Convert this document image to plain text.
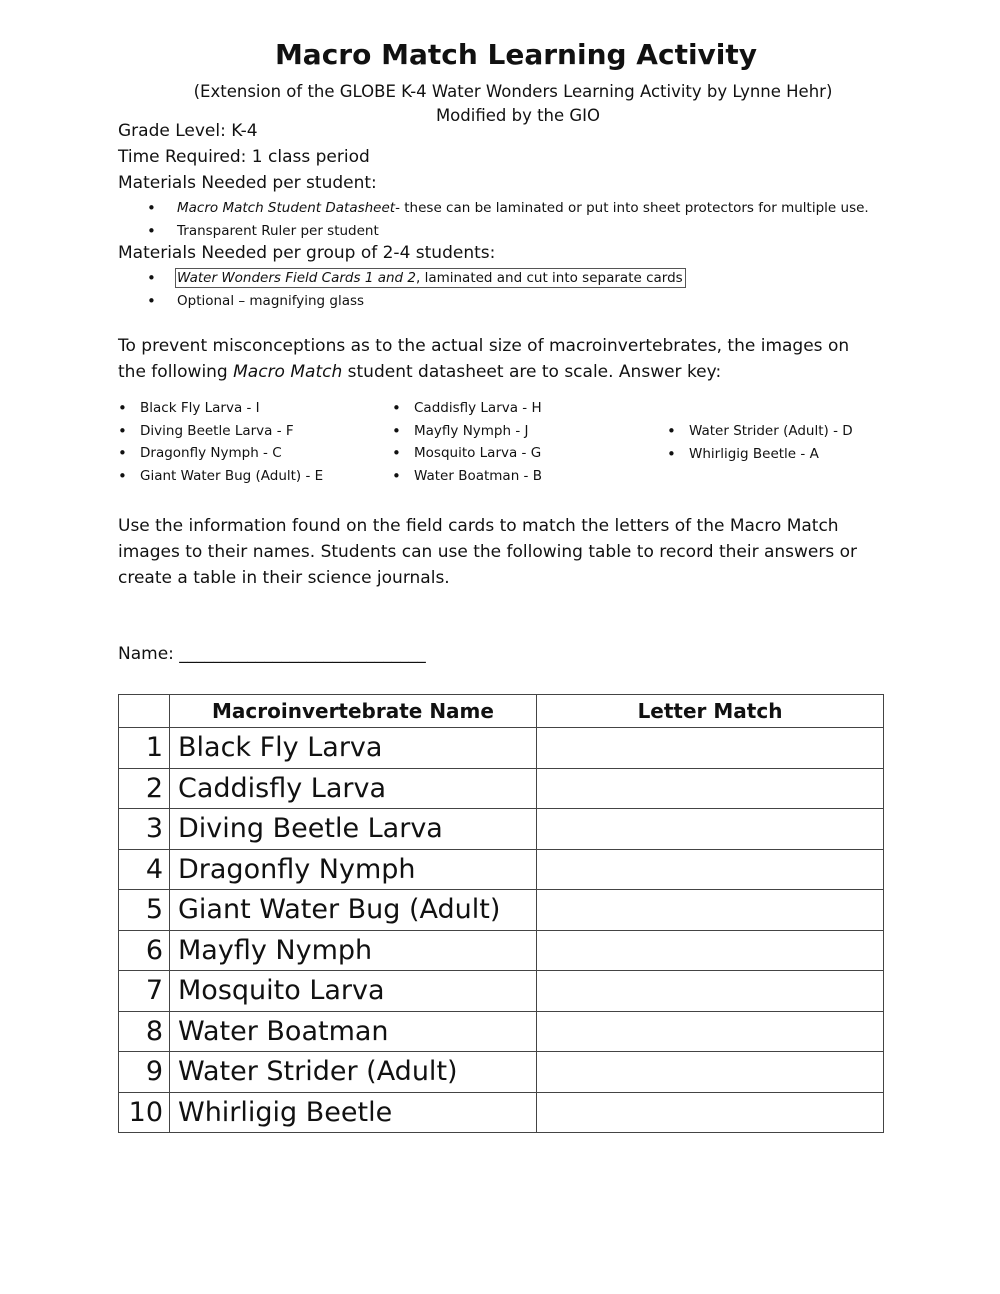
Macro Match Learning Activity
(Extension of the GLOBE K-4 Water Wonders Learning Activity by Lynne Hehr)
Modified by the GIO
Grade Level: K-4
Time Required: 1 class period
Materials Needed per student:
• Macro Match Student Datasheet- these can be laminated or put into sheet protectors for multiple use.
• Transparent Ruler per student
Materials Needed per group of 2-4 students:
• Water Wonders Field Cards 1 and 2, laminated and cut into separate cards
• Optional – magnifying glass
To prevent misconceptions as to the actual size of macroinvertebrates, the images on
the following Macro Match student datasheet are to scale. Answer key:
• Black Fly Larva - I
• Diving Beetle Larva - F
• Dragonfly Nymph - C
• Giant Water Bug (Adult) - E
• Caddisfly Larva - H
• Mayfly Nymph - J
• Mosquito Larva - G
• Water Boatman - B
• Water Strider (Adult) - D
• Whirligig Beetle - A
Use the information found on the field cards to match the letters of the Macro Match images to their names. Students can use the following table to record their answers or create a table in their science journals.
Name: _____________________________
	Macroinvertebrate Name	Letter Match
1	Black Fly Larva	
2	Caddisfly Larva	
3	Diving Beetle Larva	
4	Dragonfly Nymph	
5	Giant Water Bug (Adult)	
6	Mayfly Nymph	
7	Mosquito Larva	
8	Water Boatman	
9	Water Strider (Adult)	
10	Whirligig Beetle	
